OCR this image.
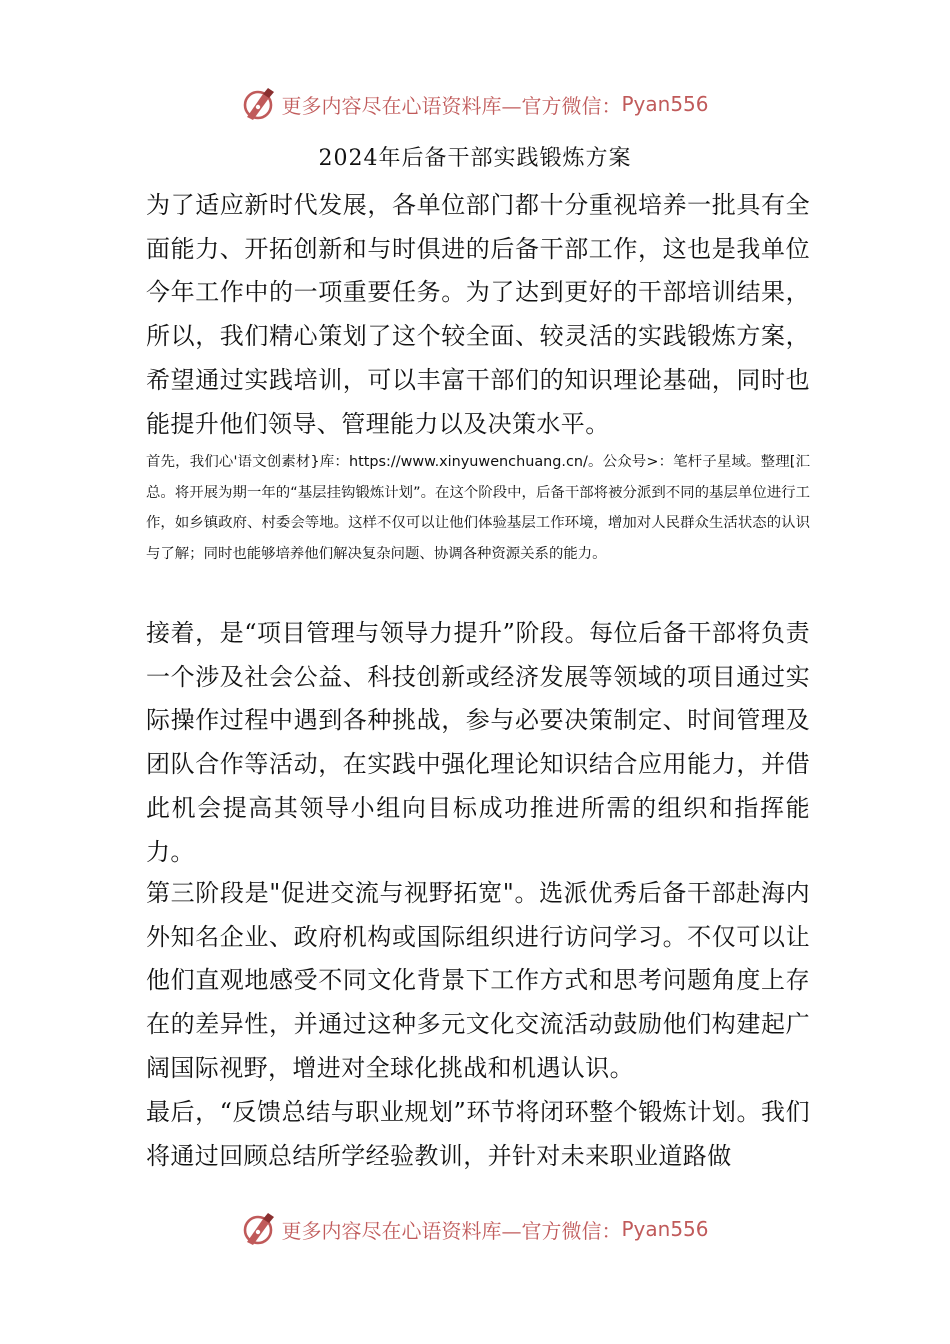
更多内容尽在心语资料库—官方微信： Pyan556
2024年后备干部实践锻炼方案

为了适应新时代发展，各单位部门都十分重视培养一批具有全面能力、开拓创新和与时俱进的后备干部工作，这也是我单位今年工作中的一项重要任务。为了达到更好的干部培训结果，所以，我们精心策划了这个较全面、较灵活的实践锻炼方案，希望通过实践培训，可以丰富干部们的知识理论基础，同时也能提升他们领导、管理能力以及决策水平。

首先，我们心'语文创素材}库：https://www.xinyuwenchuang.cn/。公众号>：笔杆子星域。整理[汇总。将开展为期一年的“基层挂钩锻炼计划”。在这个阶段中，后备干部将被分派到不同的基层单位进行工作，如乡镇政府、村委会等地。这样不仅可以让他们体验基层工作环境，增加对人民群众生活状态的认识与了解；同时也能够培养他们解决复杂问题、协调各种资源关系的能力。

接着，是“项目管理与领导力提升”阶段。每位后备干部将负责一个涉及社会公益、科技创新或经济发展等领域的项目通过实际操作过程中遇到各种挑战，参与必要决策制定、时间管理及团队合作等活动，在实践中强化理论知识结合应用能力，并借此机会提高其领导小组向目标成功推进所需的组织和指挥能力。

第三阶段是"促进交流与视野拓宽"。选派优秀后备干部赴海内外知名企业、政府机构或国际组织进行访问学习。不仅可以让他们直观地感受不同文化背景下工作方式和思考问题角度上存在的差异性，并通过这种多元文化交流活动鼓励他们构建起广阔国际视野，增进对全球化挑战和机遇认识。

最后，“反馈总结与职业规划”环节将闭环整个锻炼计划。我们将通过回顾总结所学经验教训，并针对未来职业道路做

更多内容尽在心语资料库—官方微信： Pyan556
